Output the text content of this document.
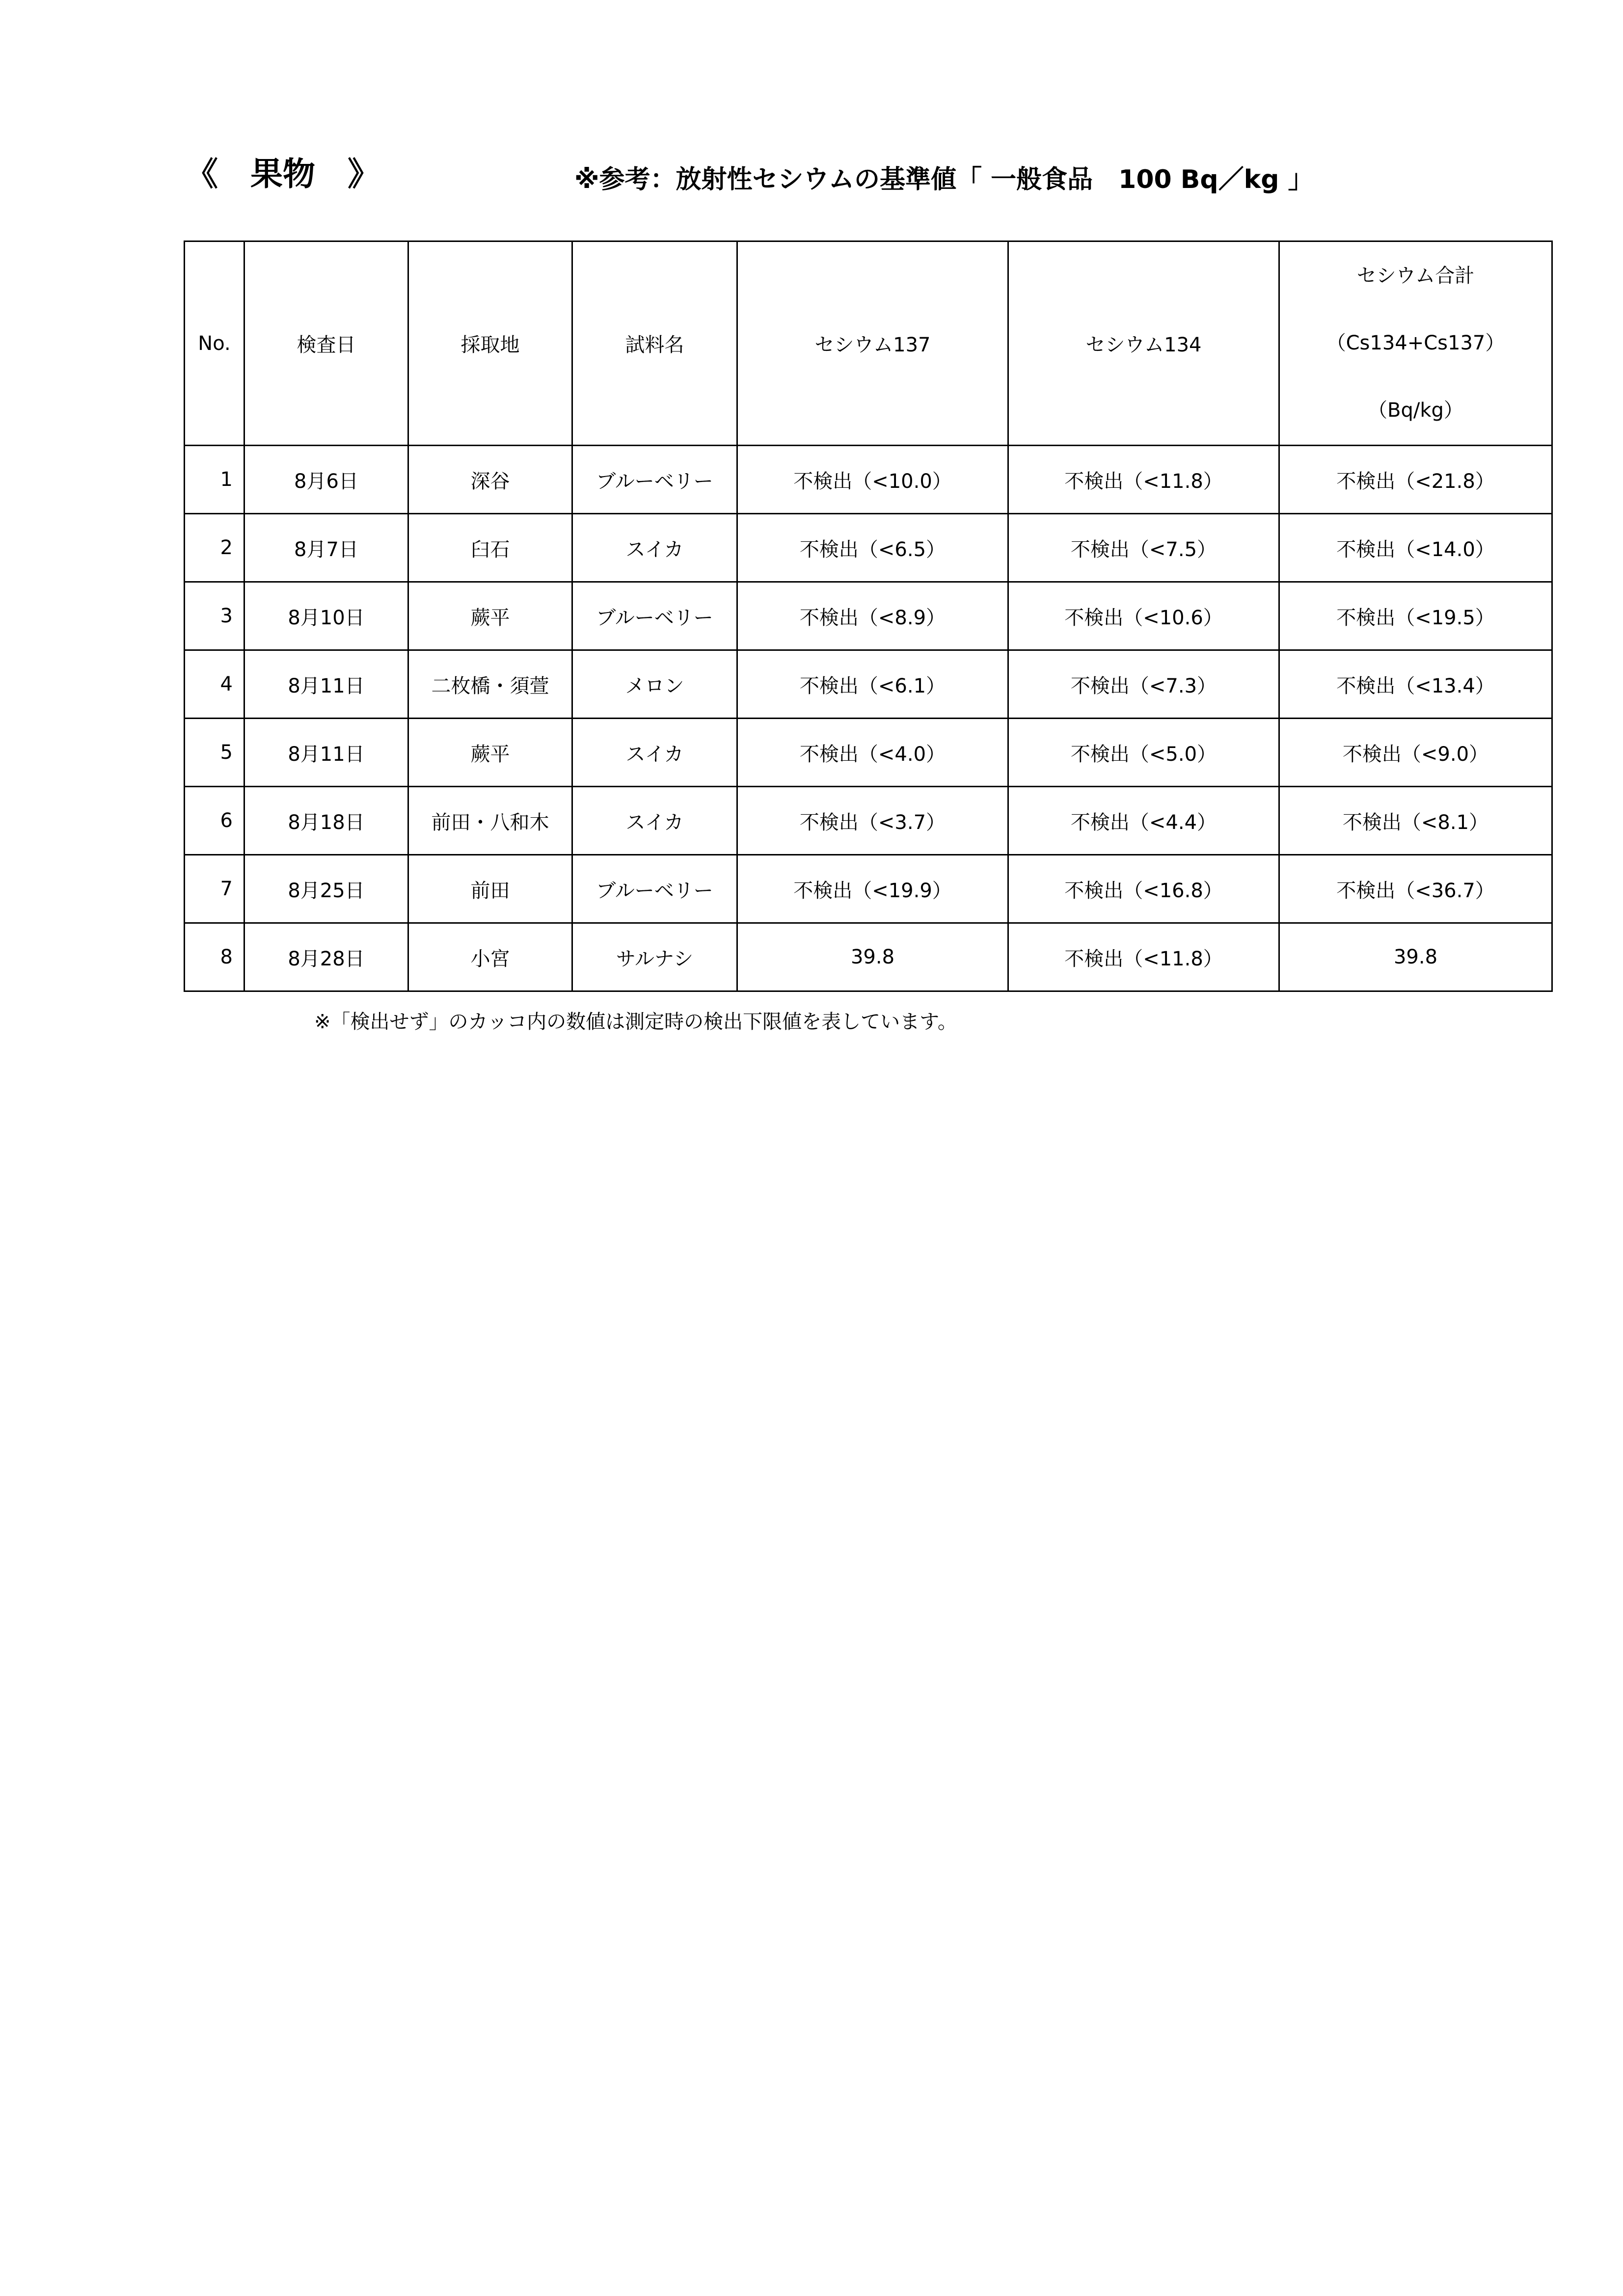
《　果物　》	※参考：放射性セシウムの基準値「 一般食品　100 Bq／kg 」
No.	検査日	採取地	試料名	セシウム137	セシウム134	セシウム合計
（Cs134+Cs137）
（Bq/kg）

1	8月6日	深谷	ブルーベリー	不検出（<10.0）	不検出（<11.8）	不検出（<21.8）
2	8月7日	臼石	スイカ	不検出（<6.5）	不検出（<7.5）	不検出（<14.0）
3	8月10日	蕨平	ブルーベリー	不検出（<8.9）	不検出（<10.6）	不検出（<19.5）
4	8月11日	二枚橋・須萱	メロン	不検出（<6.1）	不検出（<7.3）	不検出（<13.4）
5	8月11日	蕨平	スイカ	不検出（<4.0）	不検出（<5.0）	不検出（<9.0）
6	8月18日	前田・八和木	スイカ	不検出（<3.7）	不検出（<4.4）	不検出（<8.1）
7	8月25日	前田	ブルーベリー	不検出（<19.9）	不検出（<16.8）	不検出（<36.7）
8	8月28日	小宮	サルナシ	39.8	不検出（<11.8）	39.8
※「検出せず」のカッコ内の数値は測定時の検出下限値を表しています。
